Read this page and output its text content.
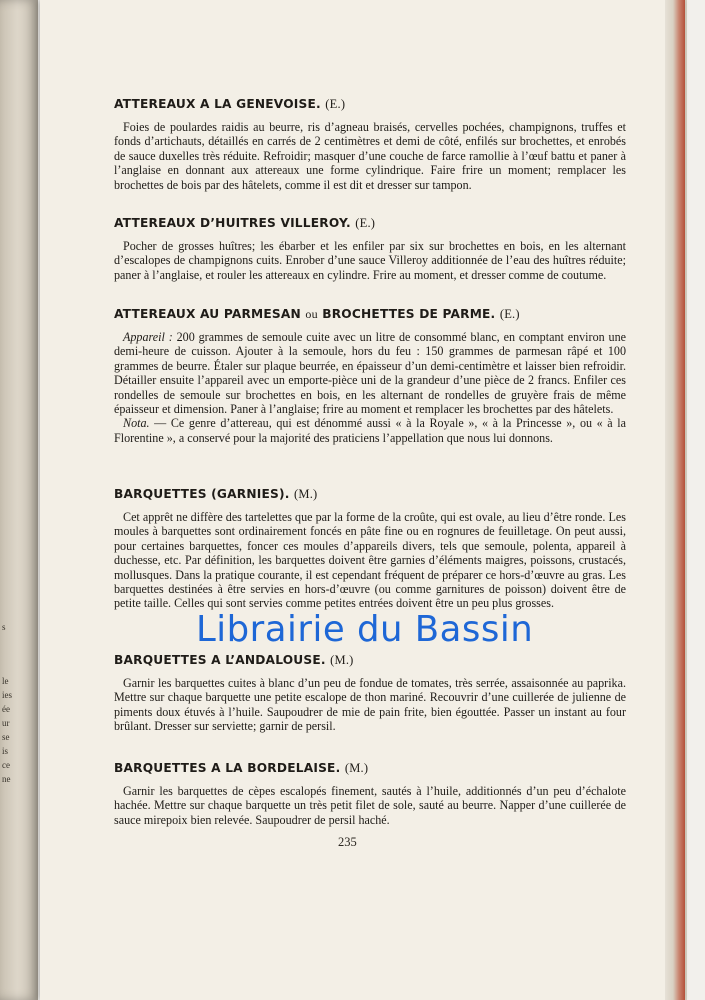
s
le
ies
ée
ur
se
is
ce
ne
ATTEREAUX A LA GENEVOISE. (E.)

Foies de poulardes raidis au beurre, ris d’agneau braisés, cervelles pochées, champignons, truffes et fonds d’artichauts, détaillés en carrés de 2 centimètres et demi de côté, enfilés sur brochettes, et enrobés de sauce duxelles très réduite. Refroidir; masquer d’une couche de farce ramollie à l’œuf battu et paner à l’anglaise en donnant aux attereaux une forme cylindrique. Faire frire un moment; remplacer les brochettes de bois par des hâtelets, comme il est dit et dresser sur tampon.

ATTEREAUX D’HUITRES VILLEROY. (E.)

Pocher de grosses huîtres; les ébarber et les enfiler par six sur brochettes en bois, en les alternant d’escalopes de champignons cuits. Enrober d’une sauce Villeroy additionnée de l’eau des huîtres réduite; paner à l’anglaise, et rouler les attereaux en cylindre. Frire au moment, et dresser comme de coutume.

ATTEREAUX AU PARMESAN ou BROCHETTES DE PARME. (E.)

Appareil : 200 grammes de semoule cuite avec un litre de consommé blanc, en comptant environ une demi-heure de cuisson. Ajouter à la semoule, hors du feu : 150 grammes de parmesan râpé et 100 grammes de beurre. Étaler sur plaque beurrée, en épaisseur d’un demi-centimètre et laisser bien refroidir. Détailler ensuite l’appareil avec un emporte-pièce uni de la grandeur d’une pièce de 2 francs. Enfiler ces rondelles de semoule sur brochettes en bois, en les alternant de rondelles de gruyère frais de même épaisseur et dimension. Paner à l’anglaise; frire au moment et remplacer les brochettes par des hâtelets.

Nota. — Ce genre d’attereau, qui est dénommé aussi « à la Royale », « à la Princesse », ou « à la Florentine », a conservé pour la majorité des praticiens l’appellation que nous lui donnons.

BARQUETTES (GARNIES). (M.)

Cet apprêt ne diffère des tartelettes que par la forme de la croûte, qui est ovale, au lieu d’être ronde. Les moules à barquettes sont ordinairement foncés en pâte fine ou en rognures de feuilletage. On peut aussi, pour certaines barquettes, foncer ces moules d’appareils divers, tels que semoule, polenta, appareil à duchesse, etc. Par définition, les barquettes doivent être garnies d’éléments maigres, poissons, crustacés, mollusques. Dans la pratique courante, il est cependant fréquent de préparer ce hors-d’œuvre au gras. Les barquettes destinées à être servies en hors-d’œuvre (ou comme garnitures de poisson) doivent être de petite taille. Celles qui sont servies comme petites entrées doivent être un peu plus grosses.

BARQUETTES A L’ANDALOUSE. (M.)

Garnir les barquettes cuites à blanc d’un peu de fondue de tomates, très serrée, assaisonnée au paprika. Mettre sur chaque barquette une petite escalope de thon mariné. Recouvrir d’une cuillerée de julienne de piments doux étuvés à l’huile. Saupoudrer de mie de pain frite, bien égouttée. Passer un instant au four brûlant. Dresser sur serviette; garnir de persil.

BARQUETTES A LA BORDELAISE. (M.)

Garnir les barquettes de cèpes escalopés finement, sautés à l’huile, additionnés d’un peu d’échalote hachée. Mettre sur chaque barquette un très petit filet de sole, sauté au beurre. Napper d’une cuillerée de sauce mirepoix bien relevée. Saupoudrer de persil haché.

235
Librairie du Bassin
